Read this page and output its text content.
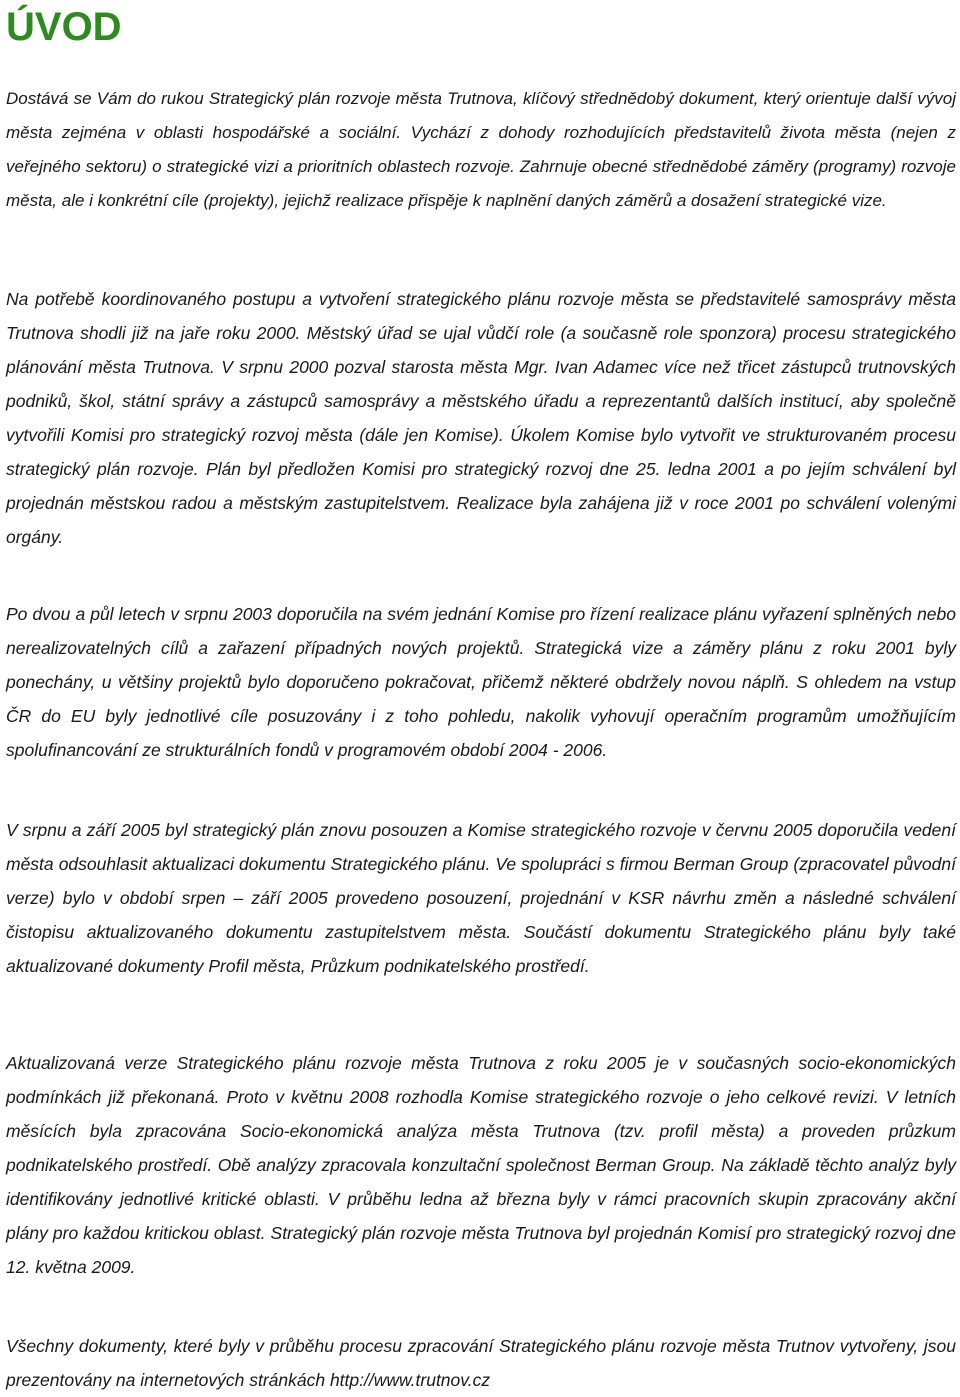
ÚVOD

Dostává se Vám do rukou Strategický plán rozvoje města Trutnova, klíčový střednědobý dokument, který orientuje další vývoj města zejména v oblasti hospodářské a sociální. Vychází z dohody rozhodujících představitelů života města (nejen z veřejného sektoru) o strategické vizi a prioritních oblastech rozvoje. Zahrnuje obecné střednědobé záměry (programy) rozvoje města, ale i konkrétní cíle (projekty), jejichž realizace přispěje k naplnění daných záměrů a dosažení strategické vize.

Na potřebě koordinovaného postupu a vytvoření strategického plánu rozvoje města se představitelé samosprávy města Trutnova shodli již na jaře roku 2000. Městský úřad se ujal vůdčí role (a současně role sponzora) procesu strategického plánování města Trutnova. V srpnu 2000 pozval starosta města Mgr. Ivan Adamec více než třicet zástupců trutnovských podniků, škol, státní správy a zástupců samosprávy a městského úřadu a reprezentantů dalších institucí, aby společně vytvořili Komisi pro strategický rozvoj města (dále jen Komise). Úkolem Komise bylo vytvořit ve strukturovaném procesu strategický plán rozvoje. Plán byl předložen Komisi pro strategický rozvoj dne 25. ledna 2001 a po jejím schválení byl projednán městskou radou a městským zastupitelstvem. Realizace byla zahájena již v roce 2001 po schválení volenými orgány.

Po dvou a půl letech v srpnu 2003 doporučila na svém jednání Komise pro řízení realizace plánu vyřazení splněných nebo nerealizovatelných cílů a zařazení případných nových projektů. Strategická vize a záměry plánu z roku 2001 byly ponechány, u většiny projektů bylo doporučeno pokračovat, přičemž některé obdržely novou náplň. S ohledem na vstup ČR do EU byly jednotlivé cíle posuzovány i z toho pohledu, nakolik vyhovují operačním programům umožňujícím spolufinancování ze strukturálních fondů v programovém období 2004 - 2006.

V srpnu a září 2005 byl strategický plán znovu posouzen a Komise strategického rozvoje v červnu 2005 doporučila vedení města odsouhlasit aktualizaci dokumentu Strategického plánu. Ve spolupráci s firmou Berman Group (zpracovatel původní verze) bylo v období srpen – září 2005 provedeno posouzení, projednání v KSR návrhu změn a následné schválení čistopisu aktualizovaného dokumentu zastupitelstvem města. Součástí dokumentu Strategického plánu byly také aktualizované dokumenty Profil města, Průzkum podnikatelského prostředí.

Aktualizovaná verze Strategického plánu rozvoje města Trutnova z roku 2005 je v současných socio-ekonomických podmínkách již překonaná. Proto v květnu 2008 rozhodla Komise strategického rozvoje o jeho celkové revizi. V letních měsících byla zpracována Socio-ekonomická analýza města Trutnova (tzv. profil města) a proveden průzkum podnikatelského prostředí. Obě analýzy zpracovala konzultační společnost Berman Group. Na základě těchto analýz byly identifikovány jednotlivé kritické oblasti. V průběhu ledna až března byly v rámci pracovních skupin zpracovány akční plány pro každou kritickou oblast. Strategický plán rozvoje města Trutnova byl projednán Komisí pro strategický rozvoj dne 12. května 2009.

Všechny dokumenty, které byly v průběhu procesu zpracování Strategického plánu rozvoje města Trutnov vytvořeny, jsou prezentovány na internetových stránkách http://www.trutnov.cz
